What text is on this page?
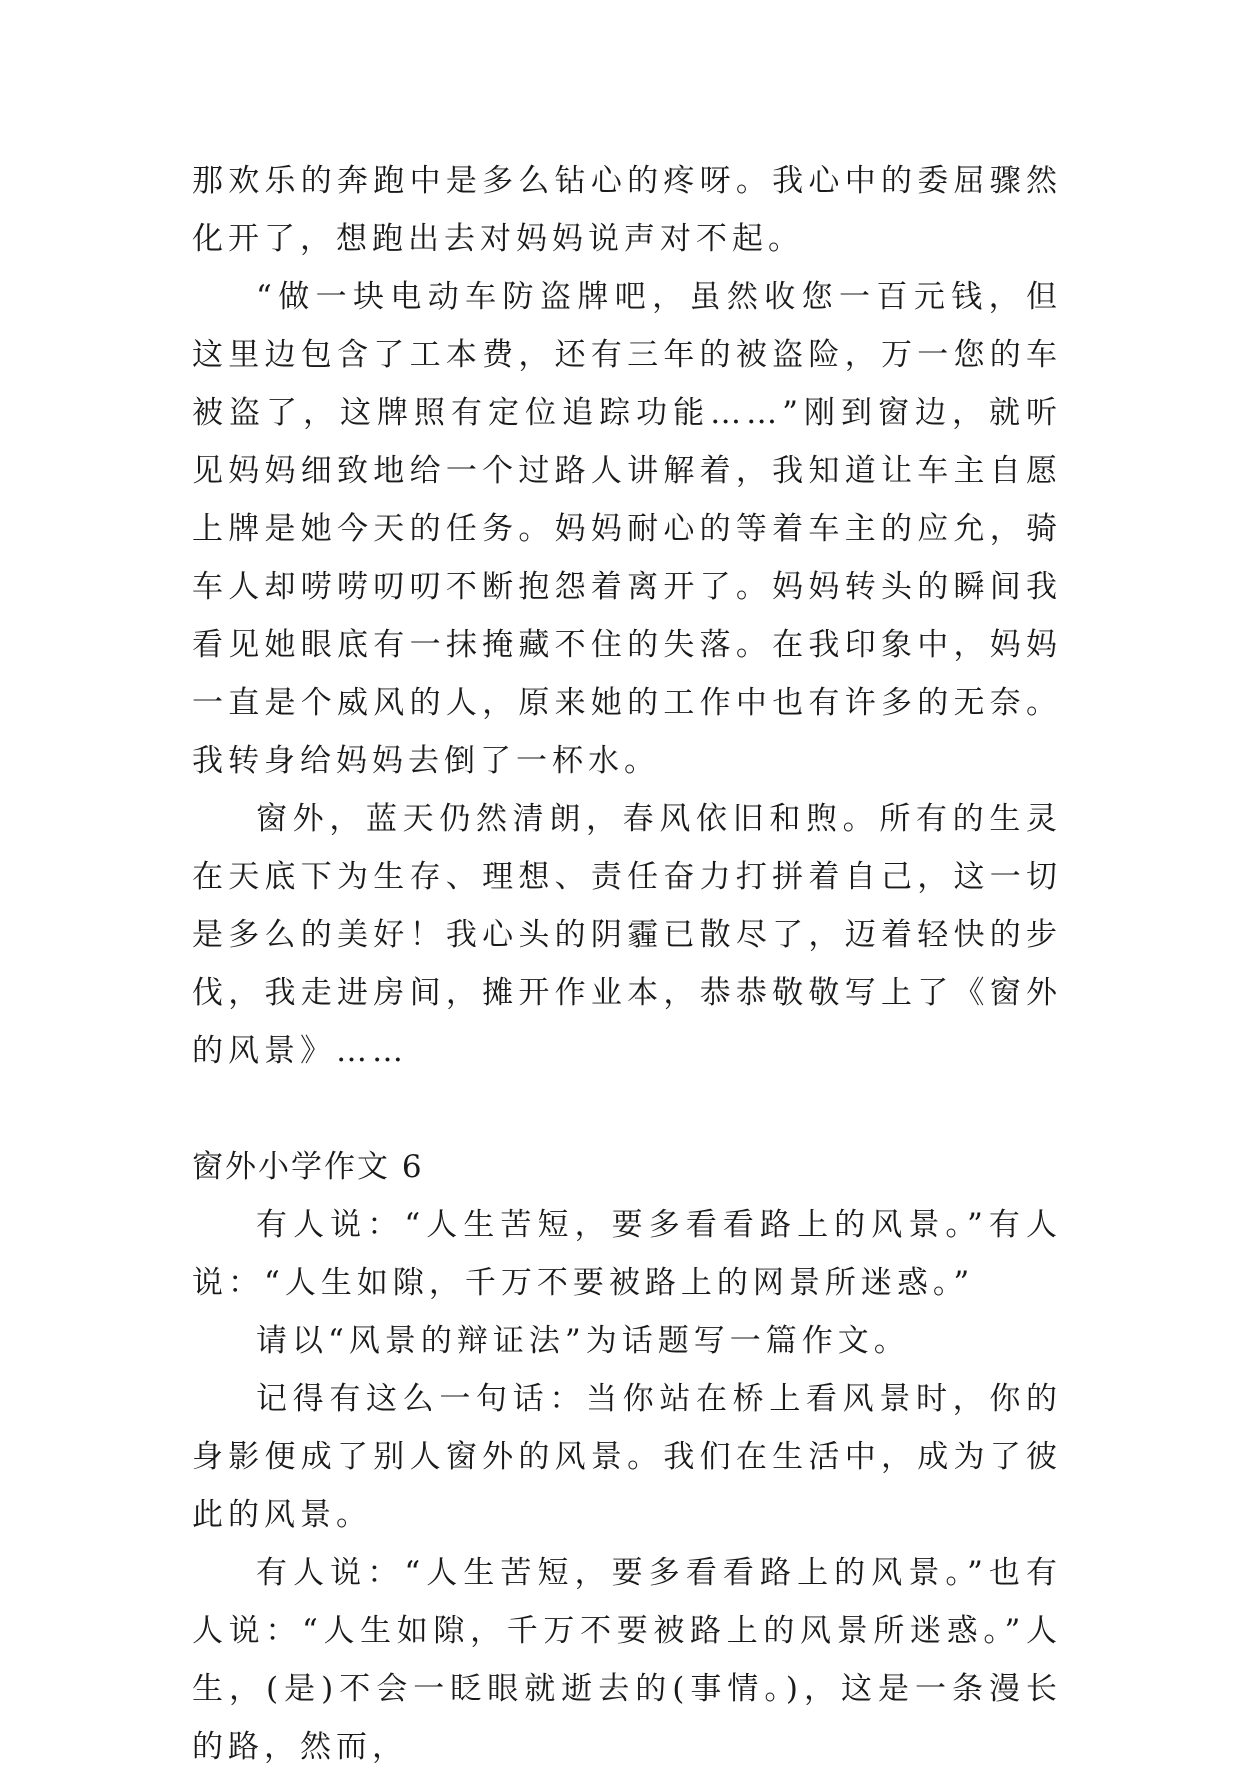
那欢乐的奔跑中是多么钻心的疼呀。我心中的委屈骤然化开了，想跑出去对妈妈说声对不起。

“做一块电动车防盗牌吧，虽然收您一百元钱，但这里边包含了工本费，还有三年的被盗险，万一您的车被盗了，这牌照有定位追踪功能……”刚到窗边，就听见妈妈细致地给一个过路人讲解着，我知道让车主自愿上牌是她今天的任务。妈妈耐心的等着车主的应允，骑车人却唠唠叨叨不断抱怨着离开了。妈妈转头的瞬间我看见她眼底有一抹掩藏不住的失落。在我印象中，妈妈一直是个威风的人，原来她的工作中也有许多的无奈。我转身给妈妈去倒了一杯水。

窗外，蓝天仍然清朗，春风依旧和煦。所有的生灵在天底下为生存、理想、责任奋力打拼着自己，这一切是多么的美好！我心头的阴霾已散尽了，迈着轻快的步伐，我走进房间，摊开作业本，恭恭敬敬写上了《窗外的风景》……

窗外小学作文 6

有人说：“人生苦短，要多看看路上的风景。”有人说：“人生如隙，千万不要被路上的网景所迷惑。”

请以“风景的辩证法”为话题写一篇作文。

记得有这么一句话：当你站在桥上看风景时，你的身影便成了别人窗外的风景。我们在生活中，成为了彼此的风景。

有人说：“人生苦短，要多看看路上的风景。”也有人说：“人生如隙，千万不要被路上的风景所迷惑。”人生，(是)不会一眨眼就逝去的(事情。)，这是一条漫长的路，然而，
